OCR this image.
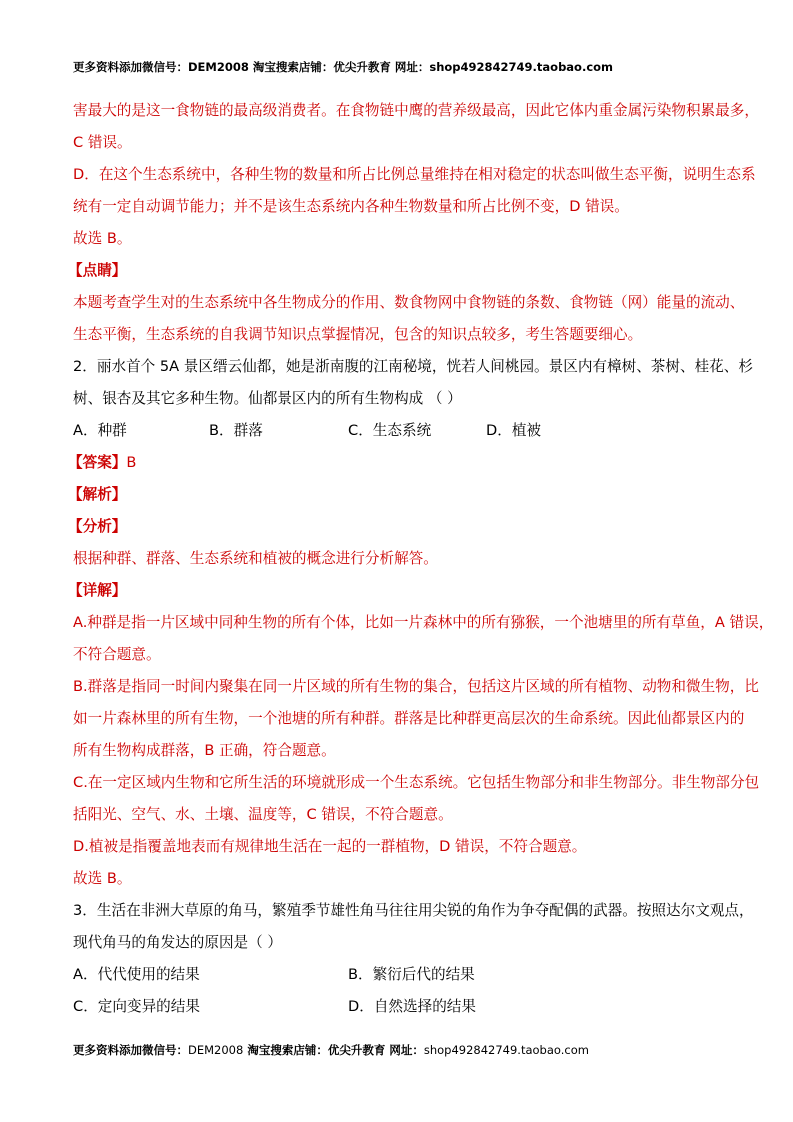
更多资料添加微信号：DEM2008 淘宝搜索店铺：优尖升教育 网址：shop492842749.taobao.com
害最大的是这一食物链的最高级消费者。在食物链中鹰的营养级最高，因此它体内重金属污染物积累最多，
C 错误。
D．在这个生态系统中，各种生物的数量和所占比例总量维持在相对稳定的状态叫做生态平衡，说明生态系
统有一定自动调节能力；并不是该生态系统内各种生物数量和所占比例不变，D 错误。
故选 B。
【点睛】
本题考查学生对的生态系统中各生物成分的作用、数食物网中食物链的条数、食物链（网）能量的流动、
生态平衡，生态系统的自我调节知识点掌握情况，包含的知识点较多，考生答题要细心。
2．丽水首个 5A 景区缙云仙都，她是浙南腹的江南秘境，恍若人间桃园。景区内有樟树、茶树、桂花、杉
树、银杏及其它多种生物。仙都景区内的所有生物构成 （ ）
A．种群	B．群落	C．生态系统	D．植被
【答案】B
【解析】
【分析】
根据种群、群落、生态系统和植被的概念进行分析解答。
【详解】
A.种群是指一片区域中同种生物的所有个体，比如一片森林中的所有猕猴，一个池塘里的所有草鱼，A 错误，
不符合题意。
B.群落是指同一时间内聚集在同一片区域的所有生物的集合，包括这片区域的所有植物、动物和微生物，比
如一片森林里的所有生物，一个池塘的所有种群。群落是比种群更高层次的生命系统。因此仙都景区内的
所有生物构成群落，B 正确，符合题意。
C.在一定区域内生物和它所生活的环境就形成一个生态系统。它包括生物部分和非生物部分。非生物部分包
括阳光、空气、水、土壤、温度等，C 错误，不符合题意。
D.植被是指覆盖地表而有规律地生活在一起的一群植物，D 错误，不符合题意。
故选 B。
3．生活在非洲大草原的角马，繁殖季节雄性角马往往用尖锐的角作为争夺配偶的武器。按照达尔文观点，
现代角马的角发达的原因是（ ）
A．代代使用的结果	B．繁衍后代的结果
C．定向变异的结果	D．自然选择的结果
更多资料添加微信号：DEM2008 淘宝搜索店铺：优尖升教育 网址：shop492842749.taobao.com
